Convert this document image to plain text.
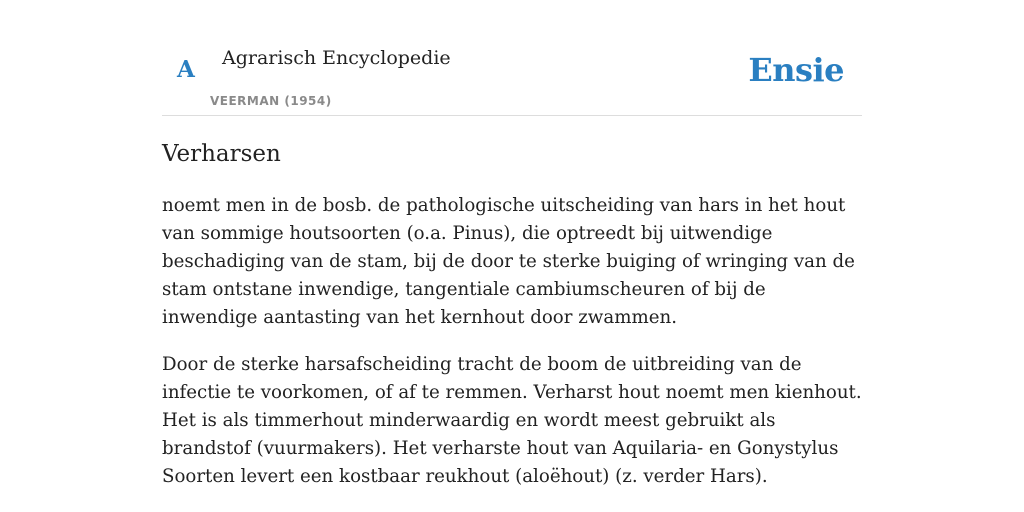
A Agrarisch Encyclopedie
VEERMAN (1954)
Ensie
Verharsen

noemt men in de bosb. de pathologische uitscheiding van hars in het hout van sommige houtsoorten (o.a. Pinus), die optreedt bij uitwendige beschadiging van de stam, bij de door te sterke buiging of wringing van de stam ontstane inwendige, tangentiale cambiumscheuren of bij de inwendige aantasting van het kernhout door zwammen.

Door de sterke harsafscheiding tracht de boom de uitbreiding van de infectie te voorkomen, of af te remmen. Verharst hout noemt men kienhout. Het is als timmerhout minderwaardig en wordt meest gebruikt als brandstof (vuurmakers). Het verharste hout van Aquilaria- en Gonystylus Soorten levert een kostbaar reukhout (aloëhout) (z. verder Hars).
